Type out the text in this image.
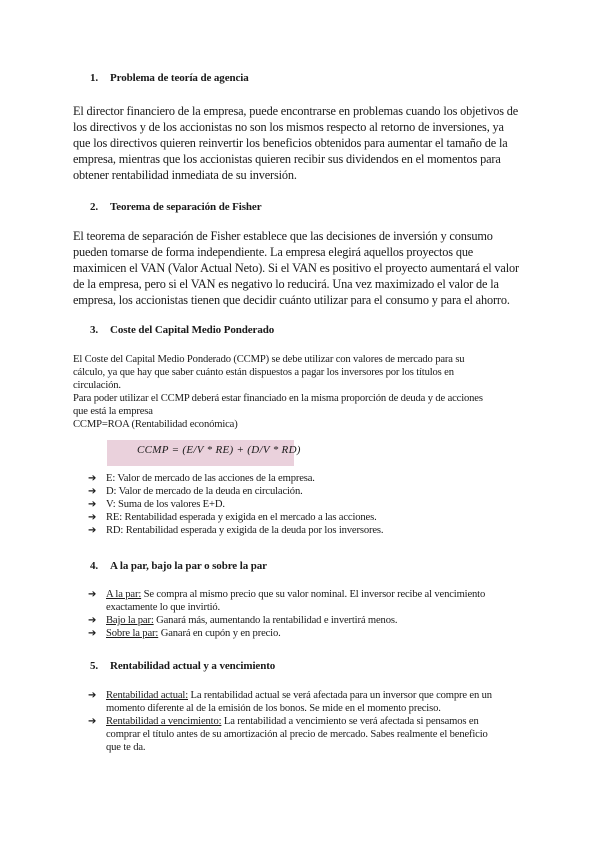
1. Problema de teoría de agencia
El director financiero de la empresa, puede encontrarse en problemas cuando los objetivos de
los directivos y de los accionistas no son los mismos respecto al retorno de inversiones, ya
que los directivos quieren reinvertir los beneficios obtenidos para aumentar el tamaño de la
empresa, mientras que los accionistas quieren recibir sus dividendos en el momentos para
obtener rentabilidad inmediata de su inversión.
2. Teorema de separación de Fisher
El teorema de separación de Fisher establece que las decisiones de inversión y consumo
pueden tomarse de forma independiente. La empresa elegirá aquellos proyectos que
maximicen el VAN (Valor Actual Neto). Si el VAN es positivo el proyecto aumentará el valor
de la empresa, pero si el VAN es negativo lo reducirá. Una vez maximizado el valor de la
empresa, los accionistas tienen que decidir cuánto utilizar para el consumo y para el ahorro.
3. Coste del Capital Medio Ponderado
El Coste del Capital Medio Ponderado (CCMP) se debe utilizar con valores de mercado para su
cálculo, ya que hay que saber cuánto están dispuestos a pagar los inversores por los títulos en
circulación.
Para poder utilizar el CCMP deberá estar financiado en la misma proporción de deuda y de acciones
que está la empresa
CCMP=ROA (Rentabilidad económica)
CCMP = (E/V * RE) + (D/V * RD)
➔ E: Valor de mercado de las acciones de la empresa.
➔ D: Valor de mercado de la deuda en circulación.
➔ V: Suma de los valores E+D.
➔ RE: Rentabilidad esperada y exigida en el mercado a las acciones.
➔ RD: Rentabilidad esperada y exigida de la deuda por los inversores.
4. A la par, bajo la par o sobre la par
➔ A la par: Se compra al mismo precio que su valor nominal. El inversor recibe al vencimiento
exactamente lo que invirtió.
➔ Bajo la par: Ganará más, aumentando la rentabilidad e invertirá menos.
➔ Sobre la par: Ganará en cupón y en precio.
5. Rentabilidad actual y a vencimiento
➔ Rentabilidad actual: La rentabilidad actual se verá afectada para un inversor que compre en un
momento diferente al de la emisión de los bonos. Se mide en el momento preciso.
➔ Rentabilidad a vencimiento: La rentabilidad a vencimiento se verá afectada si pensamos en
comprar el título antes de su amortización al precio de mercado. Sabes realmente el beneficio
que te da.
